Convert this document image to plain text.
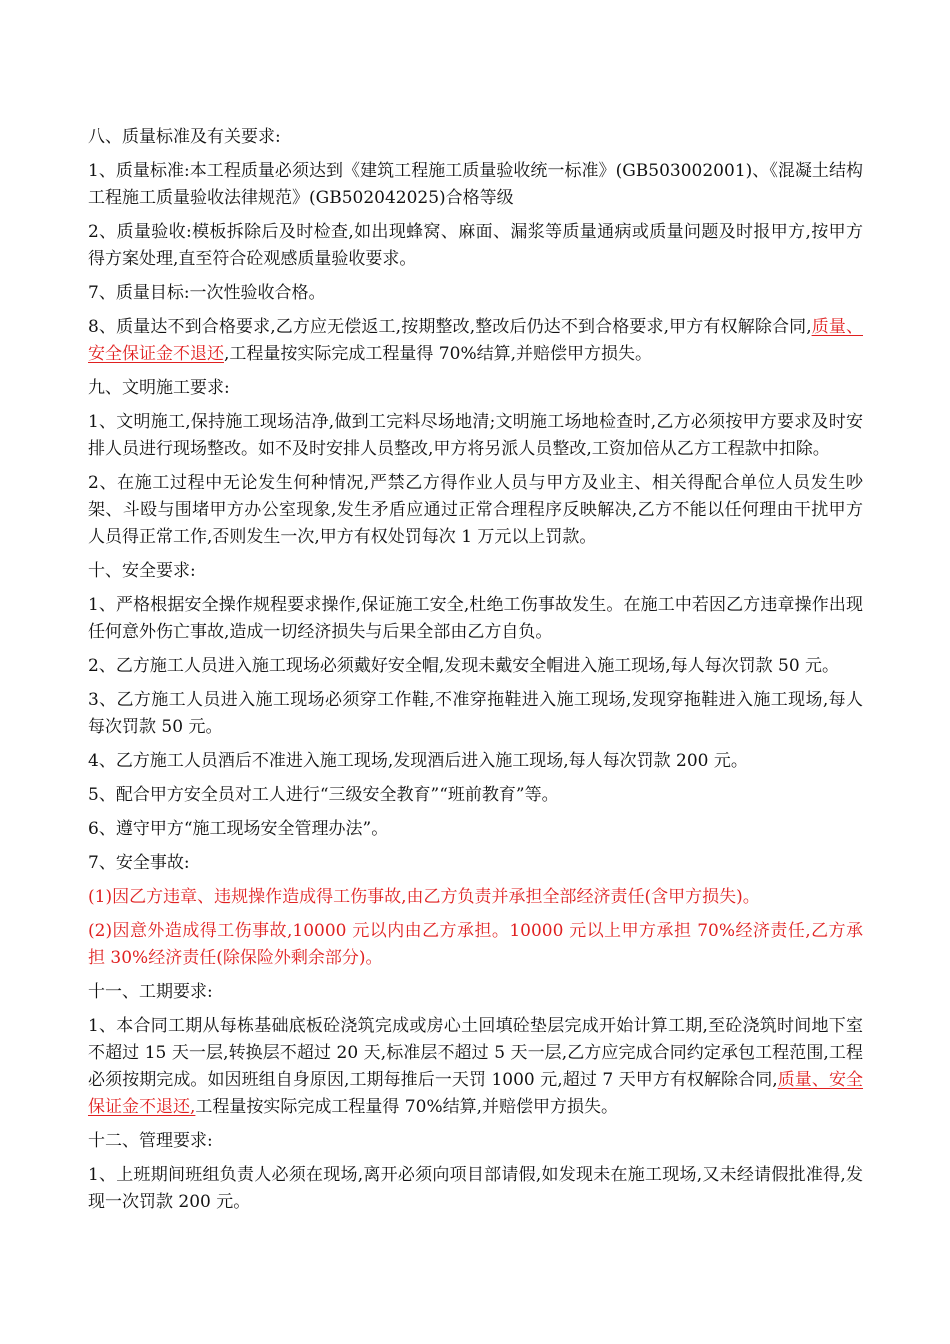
八、质量标准及有关要求:

1、质量标准:本工程质量必须达到《建筑工程施工质量验收统一标准》(GB503002001)、《混凝土结构工程施工质量验收法律规范》(GB502042025)合格等级

2、质量验收:模板拆除后及时检查,如出现蜂窝、麻面、漏浆等质量通病或质量问题及时报甲方,按甲方得方案处理,直至符合砼观感质量验收要求。

7、质量目标:一次性验收合格。

8、质量达不到合格要求,乙方应无偿返工,按期整改,整改后仍达不到合格要求,甲方有权解除合同,质量、安全保证金不退还,工程量按实际完成工程量得 70%结算,并赔偿甲方损失。

九、文明施工要求:

1、文明施工,保持施工现场洁净,做到工完料尽场地清;文明施工场地检查时,乙方必须按甲方要求及时安排人员进行现场整改。如不及时安排人员整改,甲方将另派人员整改,工资加倍从乙方工程款中扣除。

2、在施工过程中无论发生何种情况,严禁乙方得作业人员与甲方及业主、相关得配合单位人员发生吵架、斗殴与围堵甲方办公室现象,发生矛盾应通过正常合理程序反映解决,乙方不能以任何理由干扰甲方人员得正常工作,否则发生一次,甲方有权处罚每次 1 万元以上罚款。

十、安全要求:

1、严格根据安全操作规程要求操作,保证施工安全,杜绝工伤事故发生。在施工中若因乙方违章操作出现任何意外伤亡事故,造成一切经济损失与后果全部由乙方自负。

2、乙方施工人员进入施工现场必须戴好安全帽,发现未戴安全帽进入施工现场,每人每次罚款 50 元。

3、乙方施工人员进入施工现场必须穿工作鞋,不准穿拖鞋进入施工现场,发现穿拖鞋进入施工现场,每人每次罚款 50 元。

4、乙方施工人员酒后不准进入施工现场,发现酒后进入施工现场,每人每次罚款 200 元。

5、配合甲方安全员对工人进行“三级安全教育”“班前教育”等。

6、遵守甲方“施工现场安全管理办法”。

7、安全事故:

(1)因乙方违章、违规操作造成得工伤事故,由乙方负责并承担全部经济责任(含甲方损失)。

(2)因意外造成得工伤事故,10000 元以内由乙方承担。10000 元以上甲方承担 70%经济责任,乙方承担 30%经济责任(除保险外剩余部分)。

十一、工期要求:

1、本合同工期从每栋基础底板砼浇筑完成或房心土回填砼垫层完成开始计算工期,至砼浇筑时间地下室不超过 15 天一层,转换层不超过 20 天,标准层不超过 5 天一层,乙方应完成合同约定承包工程范围,工程必须按期完成。如因班组自身原因,工期每推后一天罚 1000 元,超过 7 天甲方有权解除合同,质量、安全保证金不退还,工程量按实际完成工程量得 70%结算,并赔偿甲方损失。

十二、管理要求:

1、上班期间班组负责人必须在现场,离开必须向项目部请假,如发现未在施工现场,又未经请假批准得,发现一次罚款 200 元。
